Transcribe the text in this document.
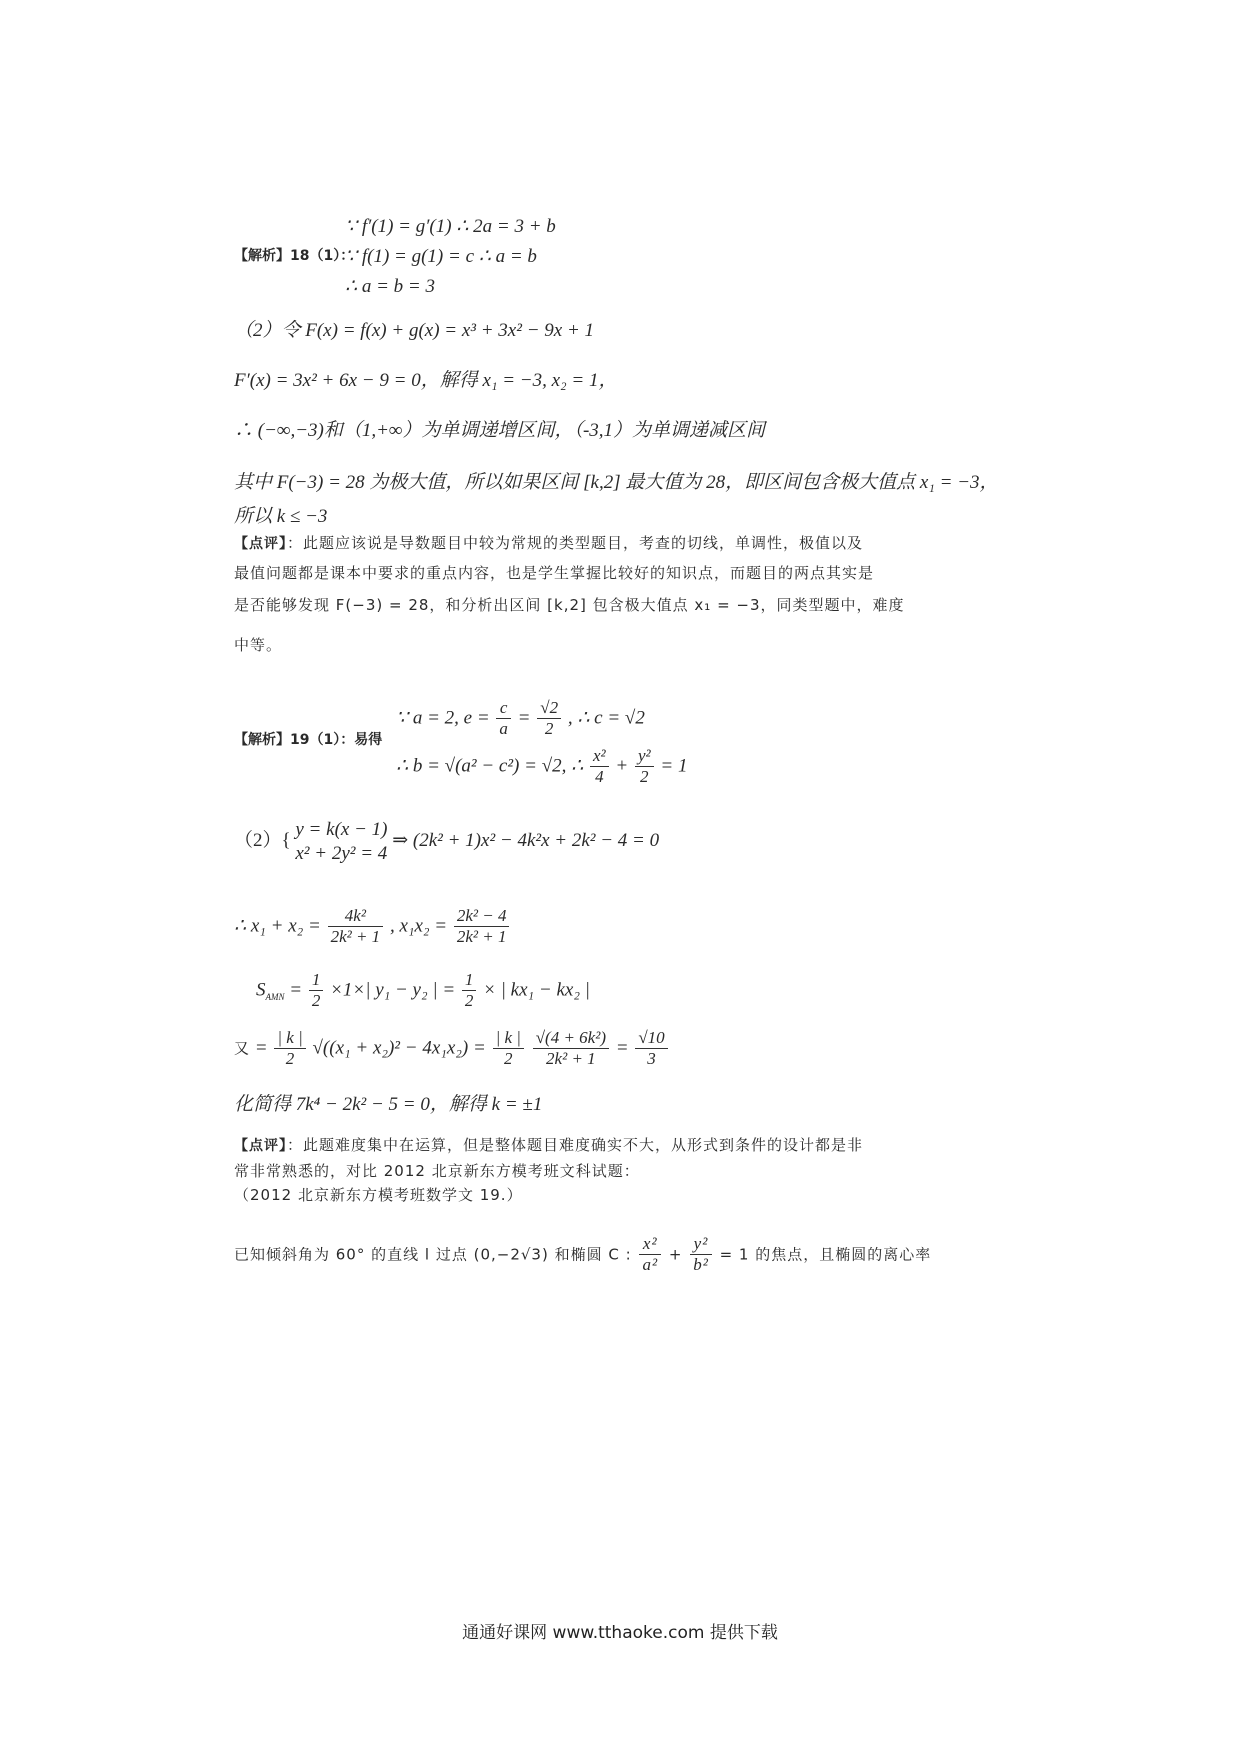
∵ f′(1) = g′(1) ∴ 2a = 3 + b
【解析】18（1）：
∵ f(1) = g(1) = c ∴ a = b
∴ a = b = 3
（2）令 F(x) = f(x) + g(x) = x³ + 3x² − 9x + 1
F′(x) = 3x² + 6x − 9 = 0，解得 x₁ = −3, x₂ = 1，
∴ (−∞,−3)和（1,+∞）为单调递增区间，（-3,1）为单调递减区间
其中 F(−3) = 28 为极大值，所以如果区间 [k,2] 最大值为 28，即区间包含极大值点 x₁ = −3，
所以 k ≤ −3
【点评】：此题应该说是导数题目中较为常规的类型题目，考查的切线，单调性，极值以及
最值问题都是课本中要求的重点内容，也是学生掌握比较好的知识点，而题目的两点其实是
是否能够发现 F(−3) = 28，和分析出区间 [k,2] 包含极大值点 x₁ = −3，同类型题中，难度
中等。
∵ a = 2, $e = \frac{c}{a} = \frac{√2}{2}$ , ∴ c = √2
【解析】19（1）：易得
∴ b = √(a² − c²) = √2, ∴ $\frac{\text{x²}}{4} + \frac{\text{y²}}{2} = 1$
（2）{
y = k(x − 1)
x² + 2y² = 4
⇒ (2k² + 1)x² − 4k²x + 2k² − 4 = 0
∴ $x_1 + x_2 = \frac{\text{4k²}}{\text{2k² + 1}}$ , $x_1x_2 = \frac{\text{2k² − 4}}{\text{2k² + 1}}$
$S_{AMN} = \frac{1}{2} \times 1\times|$ y₁ − y₂ | = $\frac{1}{2}$ × | kx₁ − kx₂ |
又 = $\frac{| k |}{2} √((x_1 + x_2)^2 - 4x_1x_2) = \frac{| k |}{2}$
$\frac{\text{√(4 + 6k²)}}{\text{2k² + 1}} = \frac{√10}{3}$
化简得 7k⁴ − 2k² − 5 = 0，解得 k = ±1
【点评】：此题难度集中在运算，但是整体题目难度确实不大，从形式到条件的设计都是非
常非常熟悉的，对比 2012 北京新东方模考班文科试题：
（2012 北京新东方模考班数学文 19.）
已知倾斜角为 60° 的直线 l 过点 (0,−2√3) 和椭圆 C : $\frac{\text{x²}}{\text{a²}} + \frac{\text{y²}}{\text{b²}} = 1$ 的焦点，且椭圆的离心率
通通好课网 www.tthaoke.com 提供下载
